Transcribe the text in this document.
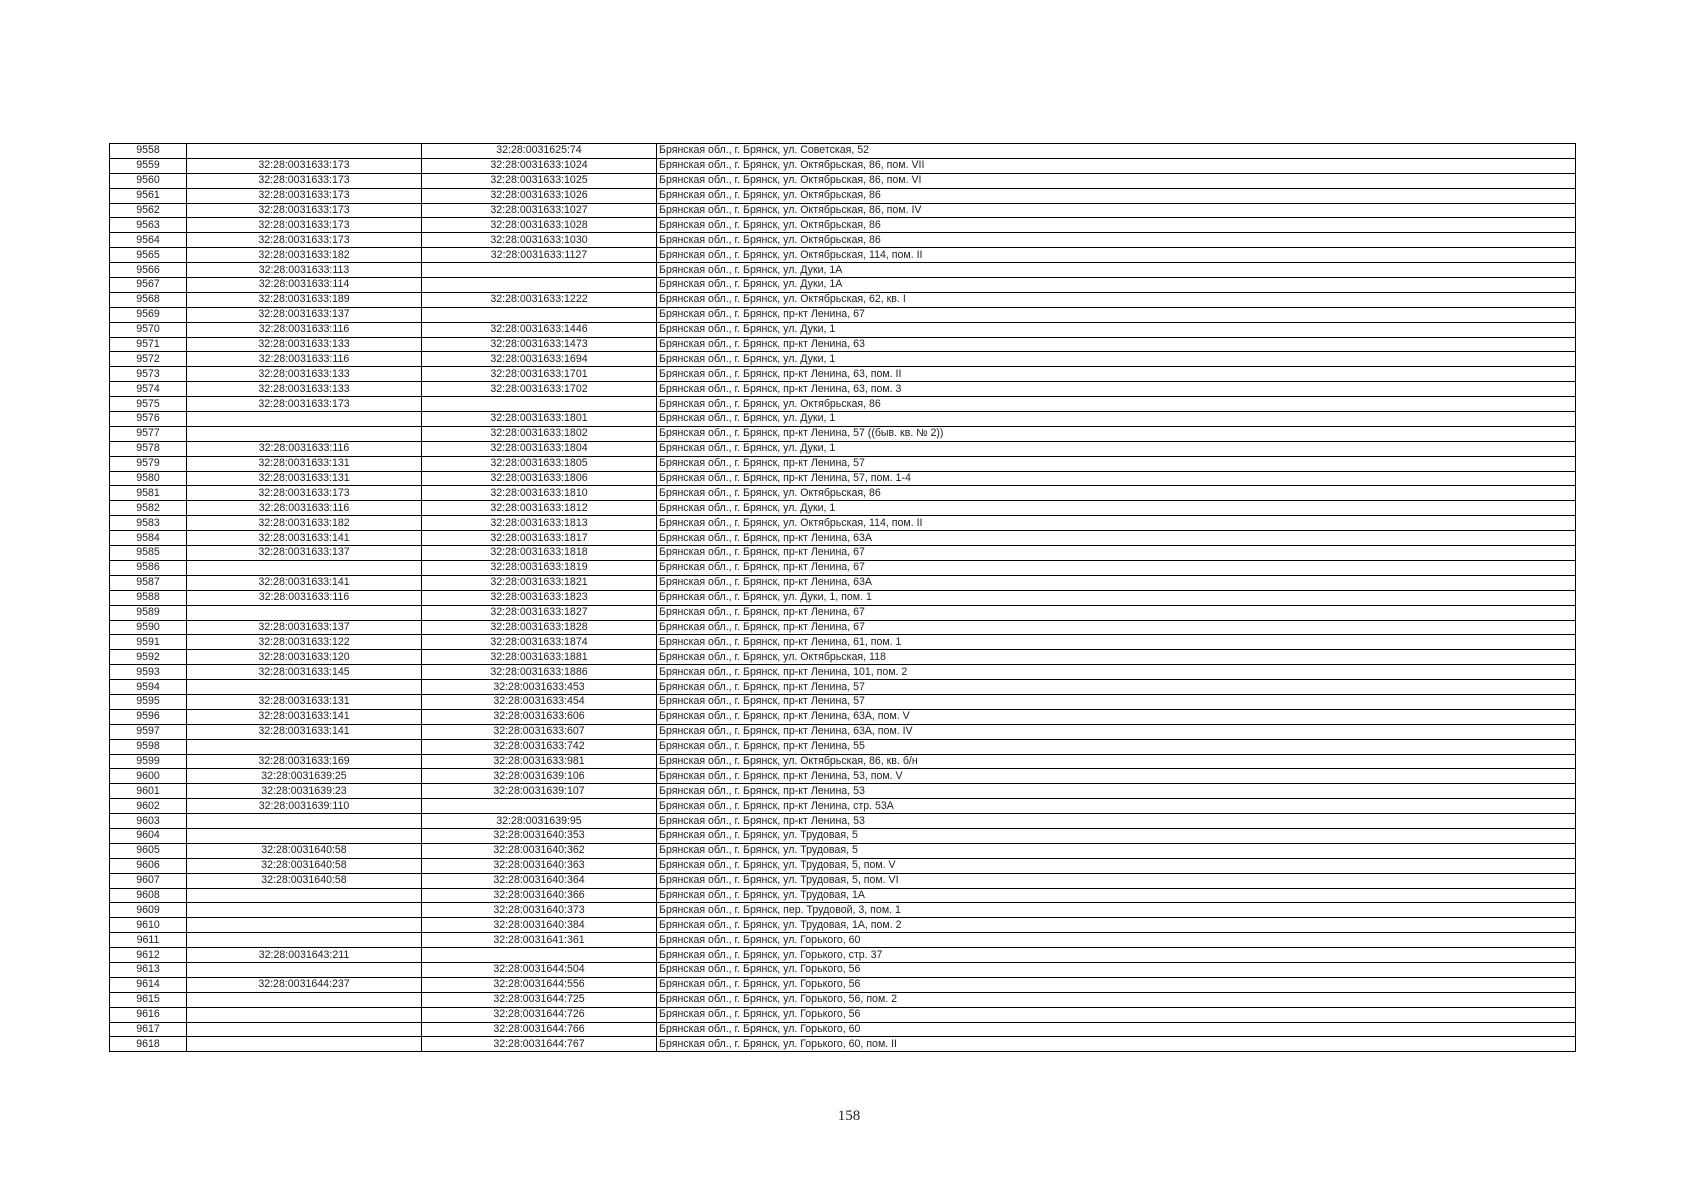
9558		32:28:0031625:74	Брянская обл., г. Брянск, ул. Советская, 52
9559	32:28:0031633:173	32:28:0031633:1024	Брянская обл., г. Брянск, ул. Октябрьская, 86, пом. VII
9560	32:28:0031633:173	32:28:0031633:1025	Брянская обл., г. Брянск, ул. Октябрьская, 86, пом. VI
9561	32:28:0031633:173	32:28:0031633:1026	Брянская обл., г. Брянск, ул. Октябрьская, 86
9562	32:28:0031633:173	32:28:0031633:1027	Брянская обл., г. Брянск, ул. Октябрьская, 86, пом. IV
9563	32:28:0031633:173	32:28:0031633:1028	Брянская обл., г. Брянск, ул. Октябрьская, 86
9564	32:28:0031633:173	32:28:0031633:1030	Брянская обл., г. Брянск, ул. Октябрьская, 86
9565	32:28:0031633:182	32:28:0031633:1127	Брянская обл., г. Брянск, ул. Октябрьская, 114, пом. II
9566	32:28:0031633:113		Брянская обл., г. Брянск, ул. Дуки, 1А
9567	32:28:0031633:114		Брянская обл., г. Брянск, ул. Дуки, 1А
9568	32:28:0031633:189	32:28:0031633:1222	Брянская обл., г. Брянск, ул. Октябрьская, 62, кв. I
9569	32:28:0031633:137		Брянская обл., г. Брянск, пр-кт Ленина, 67
9570	32:28:0031633:116	32:28:0031633:1446	Брянская обл., г. Брянск, ул. Дуки, 1
9571	32:28:0031633:133	32:28:0031633:1473	Брянская обл., г. Брянск, пр-кт Ленина, 63
9572	32:28:0031633:116	32:28:0031633:1694	Брянская обл., г. Брянск, ул. Дуки, 1
9573	32:28:0031633:133	32:28:0031633:1701	Брянская обл., г. Брянск, пр-кт Ленина, 63, пом. II
9574	32:28:0031633:133	32:28:0031633:1702	Брянская обл., г. Брянск, пр-кт Ленина, 63, пом. 3
9575	32:28:0031633:173		Брянская обл., г. Брянск, ул. Октябрьская, 86
9576		32:28:0031633:1801	Брянская обл., г. Брянск, ул. Дуки, 1
9577		32:28:0031633:1802	Брянская обл., г. Брянск, пр-кт Ленина, 57 ((быв. кв. № 2))
9578	32:28:0031633:116	32:28:0031633:1804	Брянская обл., г. Брянск, ул. Дуки, 1
9579	32:28:0031633:131	32:28:0031633:1805	Брянская обл., г. Брянск, пр-кт Ленина, 57
9580	32:28:0031633:131	32:28:0031633:1806	Брянская обл., г. Брянск, пр-кт Ленина, 57, пом. 1-4
9581	32:28:0031633:173	32:28:0031633:1810	Брянская обл., г. Брянск, ул. Октябрьская, 86
9582	32:28:0031633:116	32:28:0031633:1812	Брянская обл., г. Брянск, ул. Дуки, 1
9583	32:28:0031633:182	32:28:0031633:1813	Брянская обл., г. Брянск, ул. Октябрьская, 114, пом. II
9584	32:28:0031633:141	32:28:0031633:1817	Брянская обл., г. Брянск, пр-кт Ленина, 63А
9585	32:28:0031633:137	32:28:0031633:1818	Брянская обл., г. Брянск, пр-кт Ленина, 67
9586		32:28:0031633:1819	Брянская обл., г. Брянск, пр-кт Ленина, 67
9587	32:28:0031633:141	32:28:0031633:1821	Брянская обл., г. Брянск, пр-кт Ленина, 63А
9588	32:28:0031633:116	32:28:0031633:1823	Брянская обл., г. Брянск, ул. Дуки, 1, пом. 1
9589		32:28:0031633:1827	Брянская обл., г. Брянск, пр-кт Ленина, 67
9590	32:28:0031633:137	32:28:0031633:1828	Брянская обл., г. Брянск, пр-кт Ленина, 67
9591	32:28:0031633:122	32:28:0031633:1874	Брянская обл., г. Брянск, пр-кт Ленина, 61, пом. 1
9592	32:28:0031633:120	32:28:0031633:1881	Брянская обл., г. Брянск, ул. Октябрьская, 118
9593	32:28:0031633:145	32:28:0031633:1886	Брянская обл., г. Брянск, пр-кт Ленина, 101, пом. 2
9594		32:28:0031633:453	Брянская обл., г. Брянск, пр-кт Ленина, 57
9595	32:28:0031633:131	32:28:0031633:454	Брянская обл., г. Брянск, пр-кт Ленина, 57
9596	32:28:0031633:141	32:28:0031633:606	Брянская обл., г. Брянск, пр-кт Ленина, 63А, пом. V
9597	32:28:0031633:141	32:28:0031633:607	Брянская обл., г. Брянск, пр-кт Ленина, 63А, пом. IV
9598		32:28:0031633:742	Брянская обл., г. Брянск, пр-кт Ленина, 55
9599	32:28:0031633:169	32:28:0031633:981	Брянская обл., г. Брянск, ул. Октябрьская, 86, кв. б/н
9600	32:28:0031639:25	32:28:0031639:106	Брянская обл., г. Брянск, пр-кт Ленина, 53, пом. V
9601	32:28:0031639:23	32:28:0031639:107	Брянская обл., г. Брянск, пр-кт Ленина, 53
9602	32:28:0031639:110		Брянская обл., г. Брянск, пр-кт Ленина, стр. 53А
9603		32:28:0031639:95	Брянская обл., г. Брянск, пр-кт Ленина, 53
9604		32:28:0031640:353	Брянская обл., г. Брянск, ул. Трудовая, 5
9605	32:28:0031640:58	32:28:0031640:362	Брянская обл., г. Брянск, ул. Трудовая, 5
9606	32:28:0031640:58	32:28:0031640:363	Брянская обл., г. Брянск, ул. Трудовая, 5, пом. V
9607	32:28:0031640:58	32:28:0031640:364	Брянская обл., г. Брянск, ул. Трудовая, 5, пом. VI
9608		32:28:0031640:366	Брянская обл., г. Брянск, ул. Трудовая, 1А
9609		32:28:0031640:373	Брянская обл., г. Брянск, пер. Трудовой, 3, пом. 1
9610		32:28:0031640:384	Брянская обл., г. Брянск, ул. Трудовая, 1А, пом. 2
9611		32:28:0031641:361	Брянская обл., г. Брянск, ул. Горького, 60
9612	32:28:0031643:211		Брянская обл., г. Брянск, ул. Горького, стр. 37
9613		32:28:0031644:504	Брянская обл., г. Брянск, ул. Горького, 56
9614	32:28:0031644:237	32:28:0031644:556	Брянская обл., г. Брянск, ул. Горького, 56
9615		32:28:0031644:725	Брянская обл., г. Брянск, ул. Горького, 56, пом. 2
9616		32:28:0031644:726	Брянская обл., г. Брянск, ул. Горького, 56
9617		32:28:0031644:766	Брянская обл., г. Брянск, ул. Горького, 60
9618		32:28:0031644:767	Брянская обл., г. Брянск, ул. Горького, 60, пом. II
158
